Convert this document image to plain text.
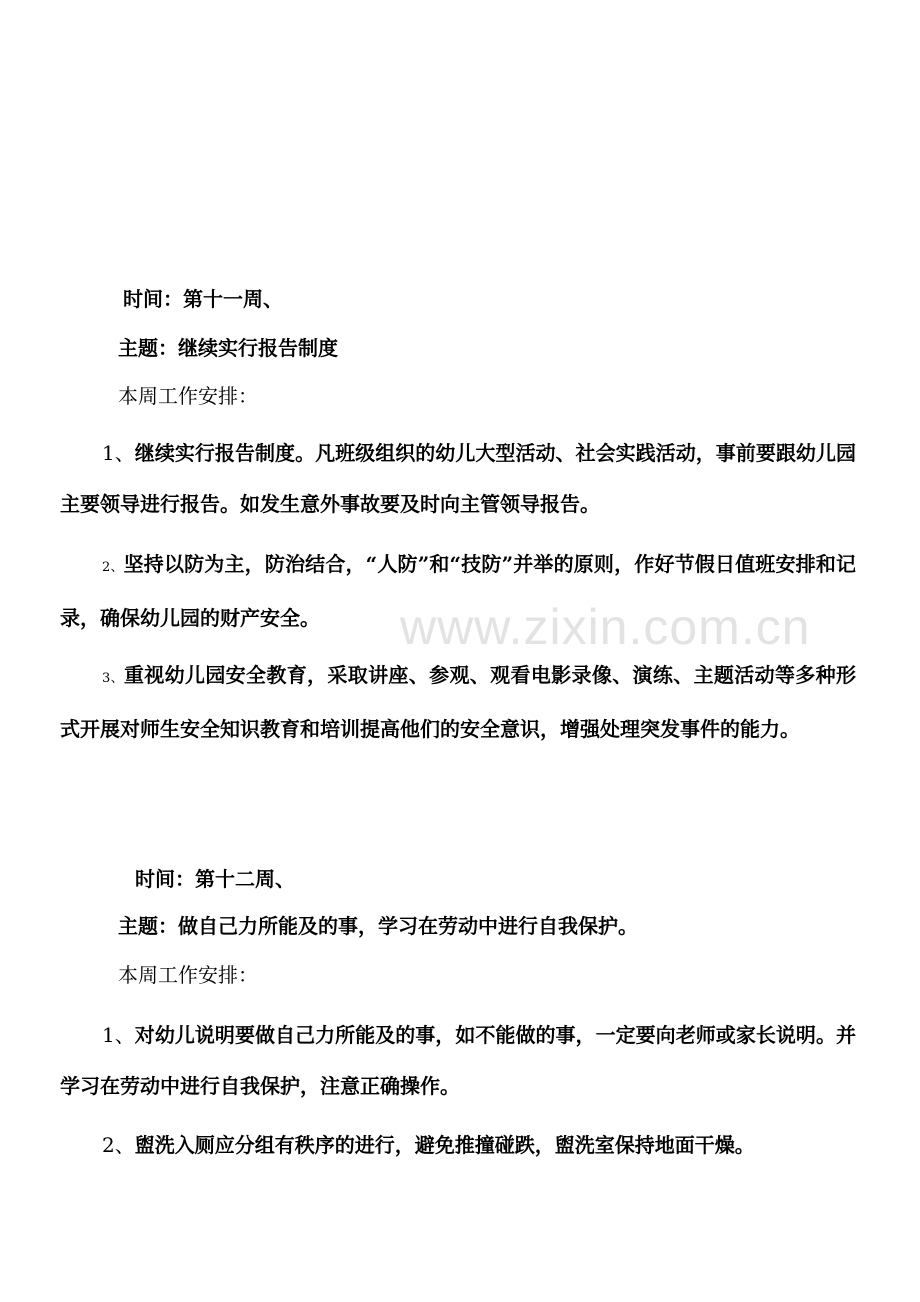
www.zixin.com.cn
时间：第十一周、
主题：继续实行报告制度
本周工作安排：
1、继续实行报告制度。凡班级组织的幼儿大型活动、社会实践活动，事前要跟幼儿园主要领导进行报告。如发生意外事故要及时向主管领导报告。
2、坚持以防为主，防治结合，“人防”和“技防”并举的原则，作好节假日值班安排和记录，确保幼儿园的财产安全。
3、重视幼儿园安全教育，采取讲座、参观、观看电影录像、演练、主题活动等多种形式开展对师生安全知识教育和培训提高他们的安全意识，增强处理突发事件的能力。
时间：第十二周、
主题：做自己力所能及的事，学习在劳动中进行自我保护。
本周工作安排：
1、对幼儿说明要做自己力所能及的事，如不能做的事，一定要向老师或家长说明。并学习在劳动中进行自我保护，注意正确操作。
2、盥洗入厕应分组有秩序的进行，避免推撞碰跌，盥洗室保持地面干燥。
